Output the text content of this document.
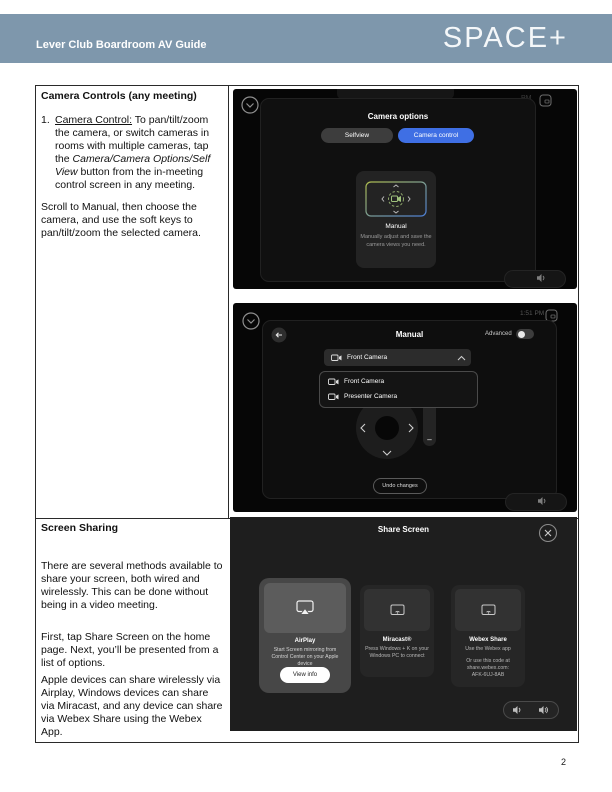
Lever Club Boardroom AV Guide	SPACE+
Camera Controls (any meeting)
1. Camera Control: To pan/tilt/zoom the camera, or switch cameras in rooms with multiple cameras, tap the Camera/Camera Options/Self View button from the in-meeting control screen in any meeting.
Scroll to Manual, then choose the camera, and use the soft keys to pan/tilt/zoom the selected camera.
Screen Sharing
There are several methods available to share your screen, both wired and wirelessly. This can be done without being in a video meeting.
First, tap Share Screen on the home page. Next, you’ll be presented from a list of options.
Apple devices can share wirelessly via Airplay, Windows devices can share via Miracast, and any device can share via Webex Share using the Webex App.
Camera options
Selfview	Camera control
Manual
Manually adjust and save the
camera views you need.
1:51 PM
Manual	Advanced
–
Front Camera
Front Camera
Presenter Camera
Undo changes
Share Screen
AirPlay
Start Screen mirroring from
Control Center on your Apple
device
View info
Miracast®
Press Windows + K on your
Windows PC to connect
Webex Share
Use the Webex app
Or use this code at
share.webex.com:
AFK-6UJ-8AB
2
